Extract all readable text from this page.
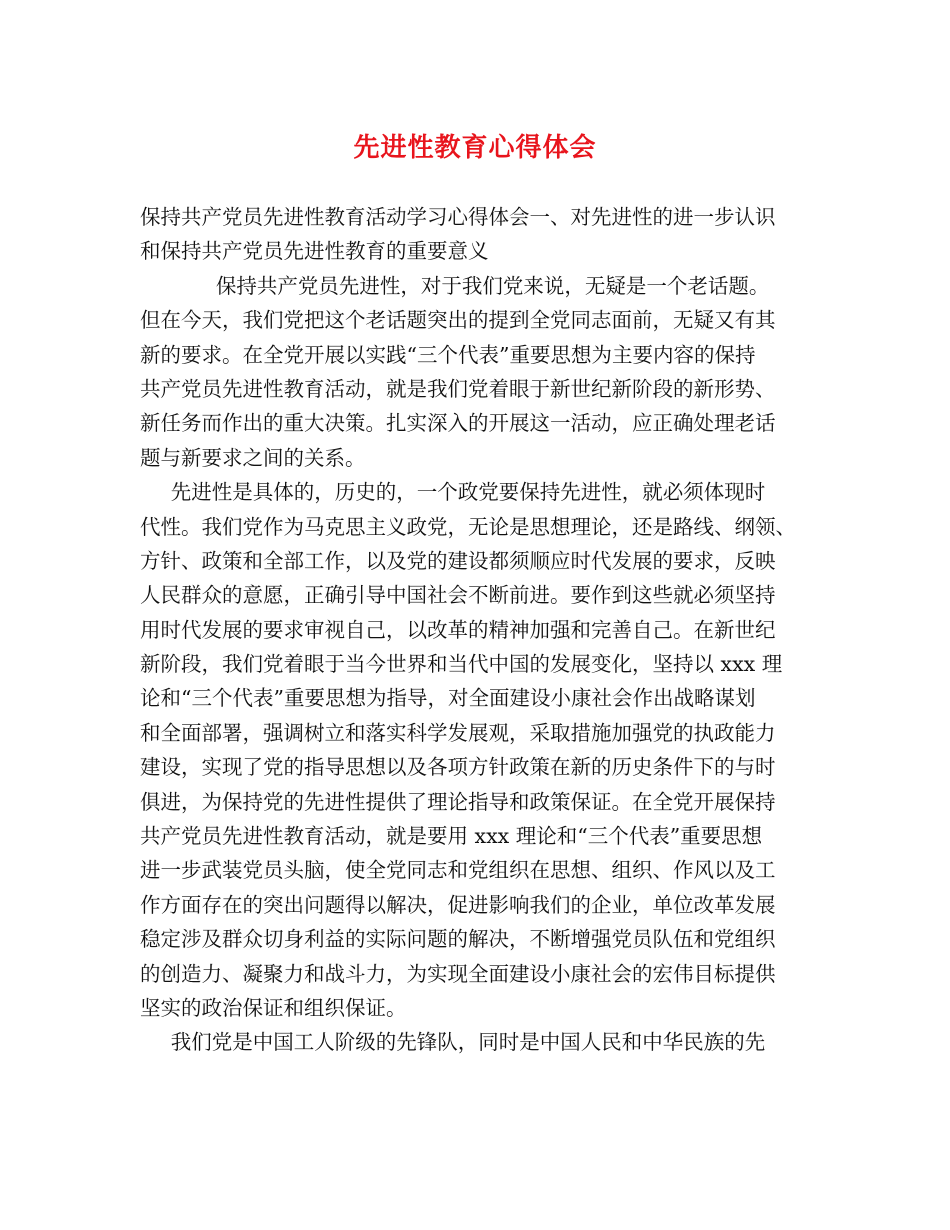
先进性教育心得体会
保持共产党员先进性教育活动学习心得体会一、对先进性的进一步认识
和保持共产党员先进性教育的重要意义
保持共产党员先进性，对于我们党来说，无疑是一个老话题。
但在今天，我们党把这个老话题突出的提到全党同志面前，无疑又有其
新的要求。在全党开展以实践“三个代表”重要思想为主要内容的保持
共产党员先进性教育活动，就是我们党着眼于新世纪新阶段的新形势、
新任务而作出的重大决策。扎实深入的开展这一活动，应正确处理老话
题与新要求之间的关系。
先进性是具体的，历史的，一个政党要保持先进性，就必须体现时
代性。我们党作为马克思主义政党，无论是思想理论，还是路线、纲领、
方针、政策和全部工作，以及党的建设都须顺应时代发展的要求，反映
人民群众的意愿，正确引导中国社会不断前进。要作到这些就必须坚持
用时代发展的要求审视自己，以改革的精神加强和完善自己。在新世纪
新阶段，我们党着眼于当今世界和当代中国的发展变化，坚持以 xxx 理
论和“三个代表”重要思想为指导，对全面建设小康社会作出战略谋划
和全面部署，强调树立和落实科学发展观，采取措施加强党的执政能力
建设，实现了党的指导思想以及各项方针政策在新的历史条件下的与时
俱进，为保持党的先进性提供了理论指导和政策保证。在全党开展保持
共产党员先进性教育活动，就是要用 xxx 理论和“三个代表”重要思想
进一步武装党员头脑，使全党同志和党组织在思想、组织、作风以及工
作方面存在的突出问题得以解决，促进影响我们的企业，单位改革发展
稳定涉及群众切身利益的实际问题的解决，不断增强党员队伍和党组织
的创造力、凝聚力和战斗力，为实现全面建设小康社会的宏伟目标提供
坚实的政治保证和组织保证。
我们党是中国工人阶级的先锋队，同时是中国人民和中华民族的先
